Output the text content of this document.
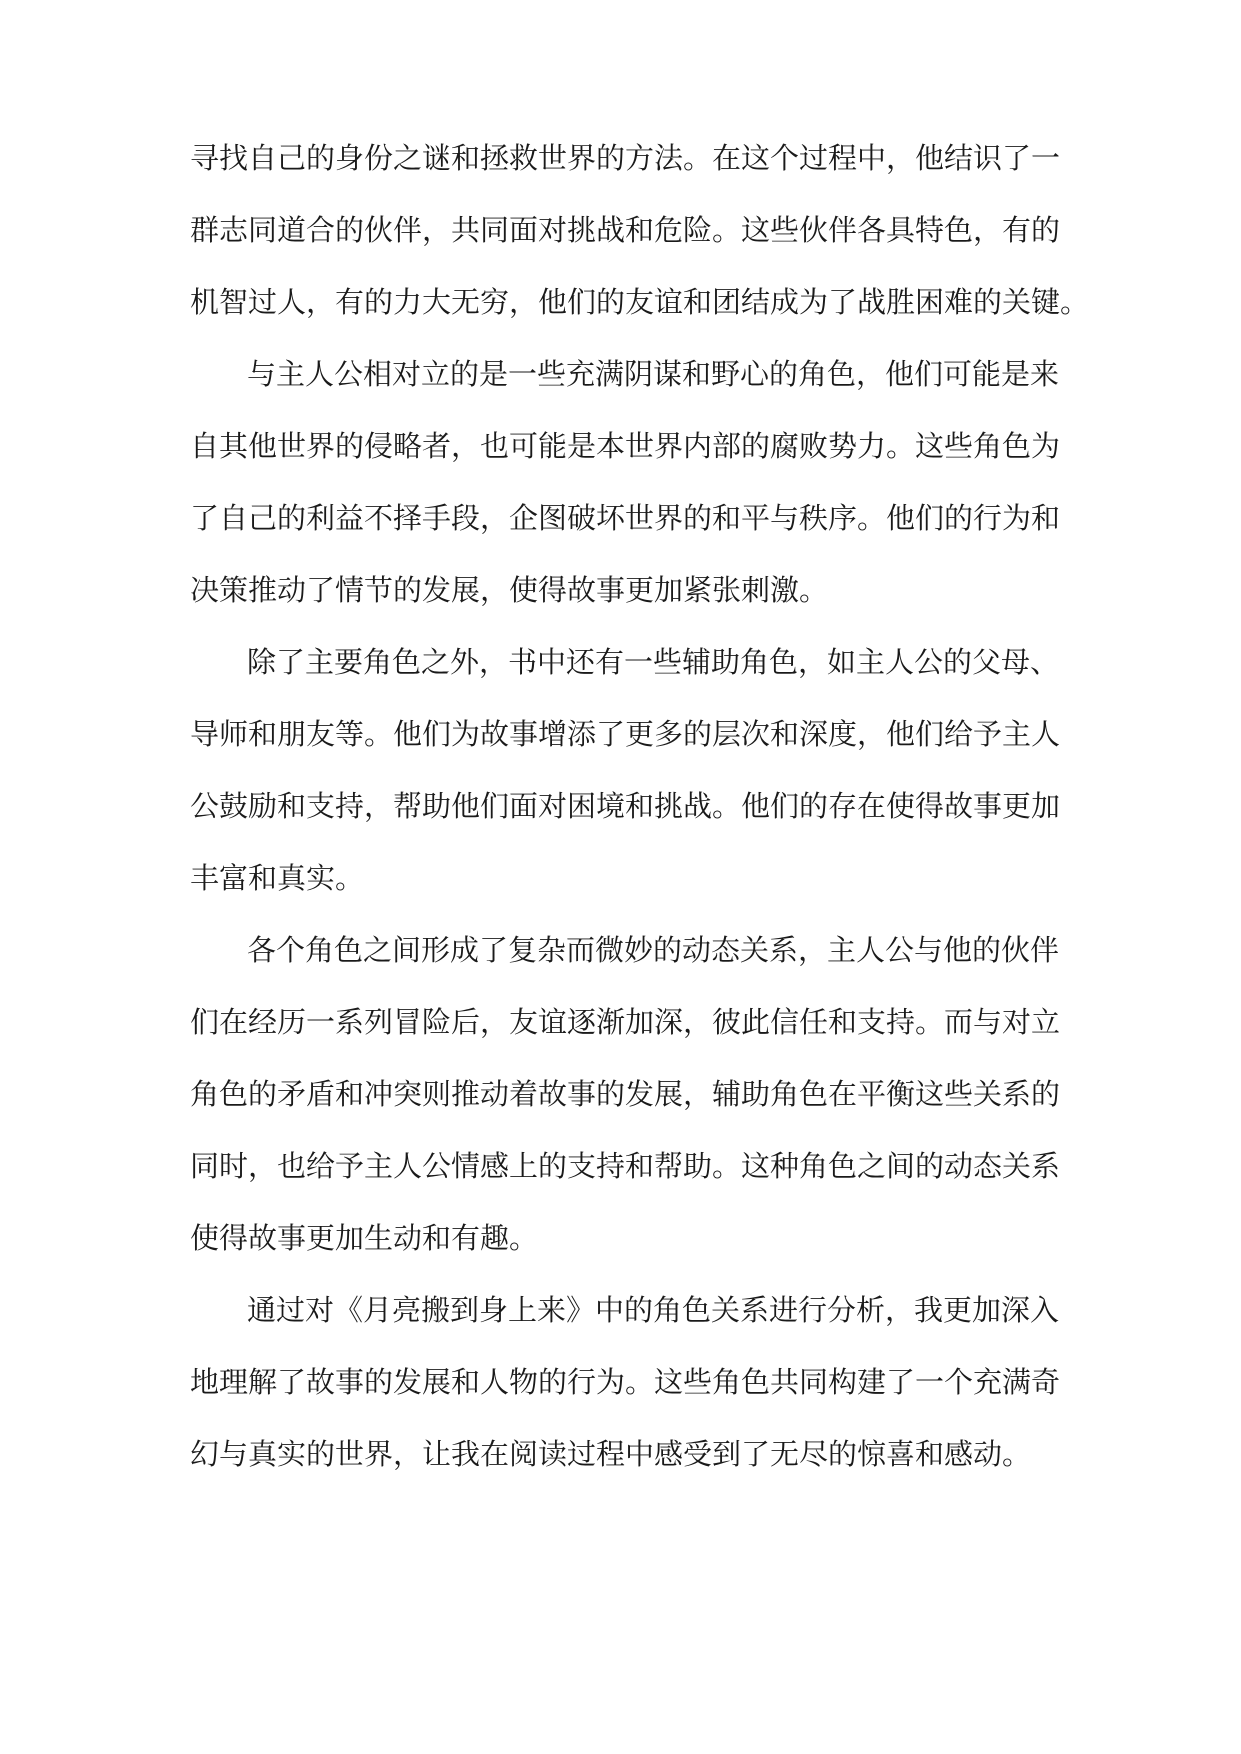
寻找自己的身份之谜和拯救世界的方法。在这个过程中，他结识了一

群志同道合的伙伴，共同面对挑战和危险。这些伙伴各具特色，有的

机智过人，有的力大无穷，他们的友谊和团结成为了战胜困难的关键。

与主人公相对立的是一些充满阴谋和野心的角色，他们可能是来

自其他世界的侵略者，也可能是本世界内部的腐败势力。这些角色为

了自己的利益不择手段，企图破坏世界的和平与秩序。他们的行为和

决策推动了情节的发展，使得故事更加紧张刺激。

除了主要角色之外，书中还有一些辅助角色，如主人公的父母、

导师和朋友等。他们为故事增添了更多的层次和深度，他们给予主人

公鼓励和支持，帮助他们面对困境和挑战。他们的存在使得故事更加

丰富和真实。

各个角色之间形成了复杂而微妙的动态关系，主人公与他的伙伴

们在经历一系列冒险后，友谊逐渐加深，彼此信任和支持。而与对立

角色的矛盾和冲突则推动着故事的发展，辅助角色在平衡这些关系的

同时，也给予主人公情感上的支持和帮助。这种角色之间的动态关系

使得故事更加生动和有趣。

通过对《月亮搬到身上来》中的角色关系进行分析，我更加深入

地理解了故事的发展和人物的行为。这些角色共同构建了一个充满奇

幻与真实的世界，让我在阅读过程中感受到了无尽的惊喜和感动。
